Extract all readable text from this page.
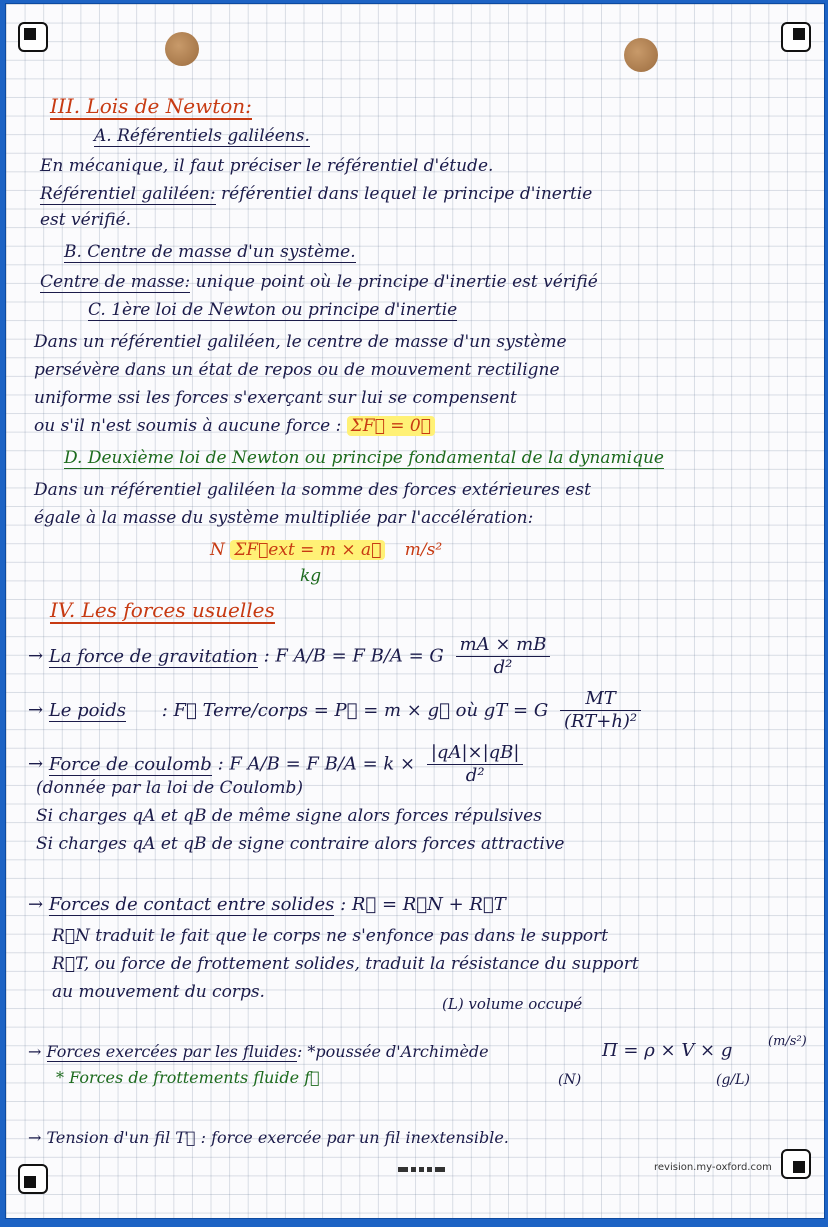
III. Lois de Newton:
A. Référentiels galiléens.
En mécanique, il faut préciser le référentiel d'étude.
Référentiel galiléen: référentiel dans lequel le principe d'inertie
est vérifié.
B. Centre de masse d'un système.
Centre de masse: unique point où le principe d'inertie est vérifié
C. 1ère loi de Newton ou principe d'inertie
Dans un référentiel galiléen, le centre de masse d'un système
persévère dans un état de repos ou de mouvement rectiligne
uniforme ssi les forces s'exerçant sur lui se compensent
ou s'il n'est soumis à aucune force : ΣF⃗ = 0⃗
D. Deuxième loi de Newton ou principe fondamental de la dynamique
Dans un référentiel galiléen la somme des forces extérieures est
égale à la masse du système multipliée par l'accélération:
N ΣF⃗ext = m × a⃗ m/s²
kg
IV. Les forces usuelles
→ La force de gravitation : F A/B = F B/A = G $\frac{mA \times mB}{\text{d²}}$
→ Le poids : F⃗ Terre/corps = P⃗ = m × g⃗ où gT = G $\frac{MT}{\text{(RT+h)²}}$
→ Force de coulomb : F A/B = F $B/A = k \times \frac{|qA|\times|qB|}{\text{d²}}$
(donnée par la loi de Coulomb)
Si charges qA et qB de même signe alors forces répulsives
Si charges qA et qB de signe contraire alors forces attractive
→ Forces de contact entre solides : R⃗ = R⃗N + R⃗T
R⃗N traduit le fait que le corps ne s'enfonce pas dans le support
R⃗T, ou force de frottement solides, traduit la résistance du support
au mouvement du corps.
(L) volume occupé
→ Forces exercées par les fluides: *poussée d'Archimède	Π = ρ × V × g	(m/s²)
(N)	(g/L)
* Forces de frottements fluide f⃗
→ Tension d'un fil T⃗ : force exercée par un fil inextensible.
revision.my-oxford.com
